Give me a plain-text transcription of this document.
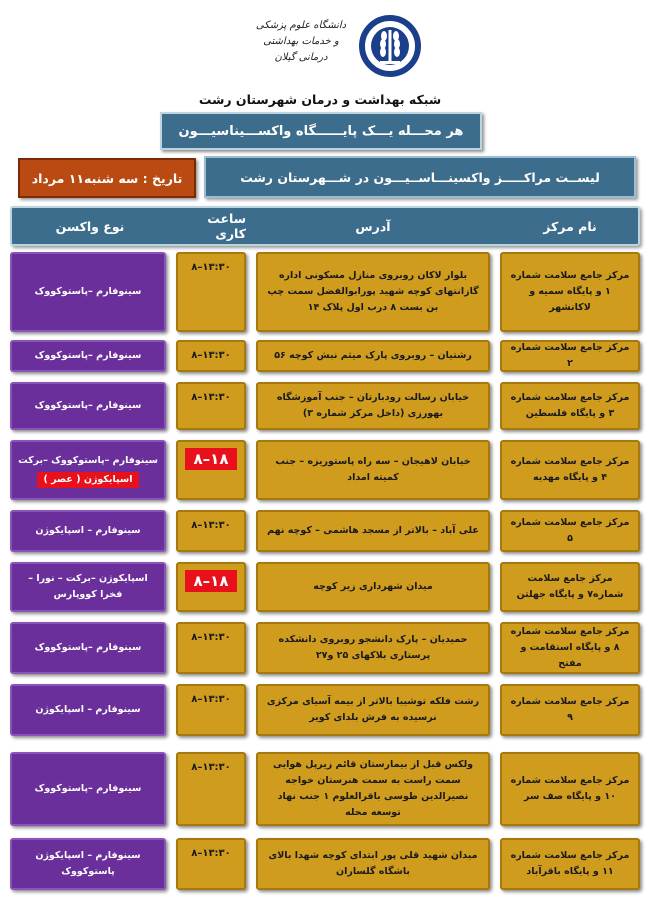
دانشگاه علوم پزشکی
و خدمات بهداشتی درمانی گیلان
شبکه بهداشت و درمان شهرستان رشت
هر محـــله یـــک پایــــــگاه واکســـیناسیـــون
تاریخ : سه شنبه۱۱ مرداد	لیســت مراکـــــز واکسینـــاســیـــون در شـــهرستان رشت
نام مرکز
آدرس
ساعت کاری
نوع واکسن
مرکز جامع سلامت شماره ۱ و پایگاه سمیه و لاکانشهر
بلوار لاکان روبروی منازل مسکونی اداره گازانتهای کوچه شهید پورابوالفضل سمت چپ بن بست ۸ درب اول پلاک ۱۴
۸–۱۳:۳۰
سینوفارم –پاستوکووک
مرکز جامع سلامت شماره ۲
رشتیان – روبروی پارک میثم نبش کوچه ۵۶
۸–۱۳:۳۰
سینوفارم –پاستوکووک
مرکز جامع سلامت شماره ۳ و پایگاه فلسطین
خیابان رسالت رودبارتان – جنب آموزشگاه بهورزی (داخل مرکز شماره ۳)
۸–۱۳:۳۰
سینوفارم –پاستوکووک
مرکز جامع سلامت شماره ۴ و پایگاه مهدیه
خیابان لاهیجان – سه راه پاستوریزه – جنب کمیته امداد
۸–۱۸
سینوفارم –پاستوکووک –برکت
اسپایکوژن ( عصر )
مرکز جامع سلامت شماره ۵
علی آباد – بالاتر از مسجد هاشمی – کوچه نهم
۸–۱۳:۳۰
سینوفارم – اسپایکوژن
مرکز جامع سلامت شماره۷ و پایگاه جهلتن
میدان شهرداری زیر کوچه
۸–۱۸
اسپایکوژن –برکت – نورا – فخرا کووپارس
مرکز جامع سلامت شماره ۸ و پایگاه استقامت و مفتح
حمیدیان – پارک دانشجو روبروی دانشکده پرستاری بلاکهای ۲۵ و۲۷
۸–۱۳:۳۰
سینوفارم –پاستوکووک
مرکز جامع سلامت شماره ۹
رشت فلکه توشیبا بالاتر از بیمه آسیای مرکزی نرسیده به فرش بلدای کویر
۸–۱۳:۳۰
سینوفارم – اسپایکوژن
مرکز جامع سلامت شماره ۱۰ و پایگاه صف سر
ولکس قبل از بیمارستان قائم زیرپل هوایی سمت راست به سمت هنرستان خواجه نصیرالدین طوسی باقرالعلوم ۱ جنب نهاد توسعه محله
۸–۱۳:۳۰
سینوفارم –پاستوکووک
مرکز جامع سلامت شماره ۱۱ و پایگاه باقرآباد
میدان شهید قلی پور ابتدای کوچه شهدا بالای باشگاه گلساران
۸–۱۳:۳۰
سینوفارم – اسپایکوژن پاستوکووک
